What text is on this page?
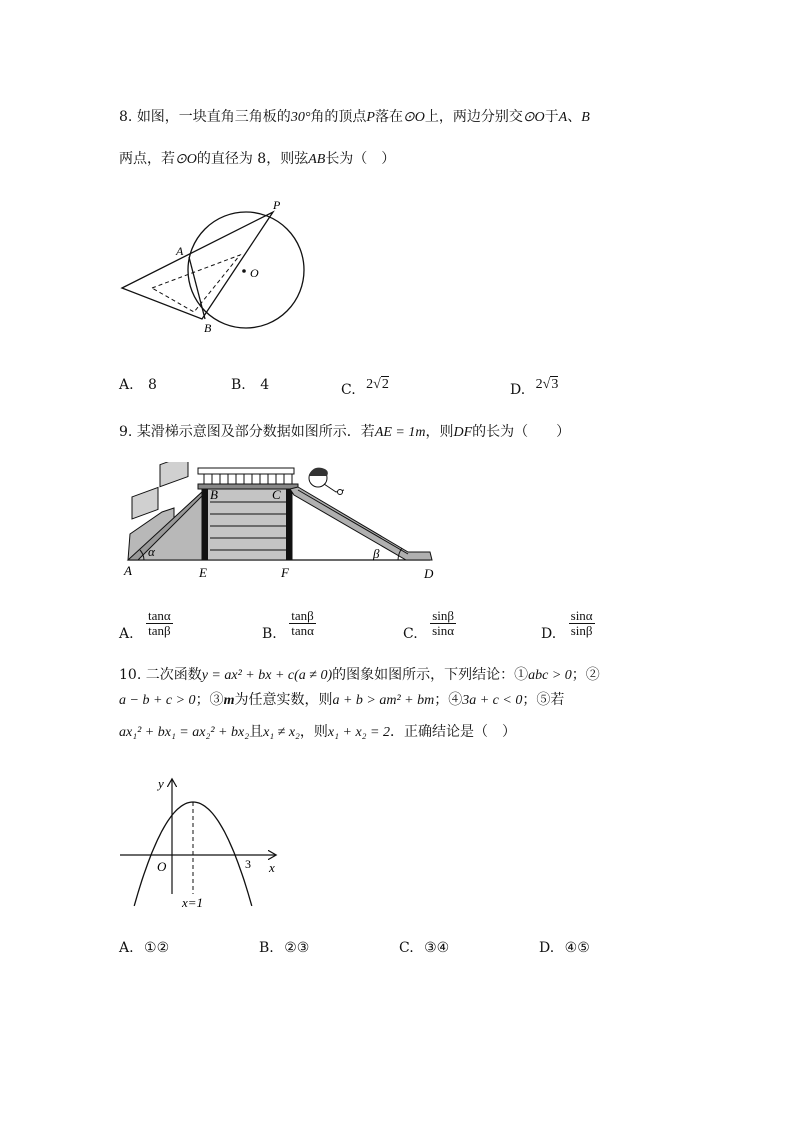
8. 如图，一块直角三角板的30°角的顶点P落在⊙O上，两边分别交⊙O于A、B
两点，若⊙O的直径为 8，则弦AB长为（　）
P
A
B
O
A. 8	B. 4	C. 2√2	D. 2√3
9. 某滑梯示意图及部分数据如图所示．若AE = 1m，则DF的长为（　　）
A	E	F	D
B	C
α	β
A. $\frac{\tan\alpha}{\tan\beta}$	B. $\frac{\tan\beta}{\tan\alpha}$	C. $\frac{\sin\beta}{\sin\alpha}$	D. $\frac{\sin\alpha}{\sin\beta}$
10. 二次函数y = ax² + bx + c(a ≠ 0)的图象如图所示，下列结论：①abc > 0；②
a − b + c > 0；③m为任意实数，则a + b > am² + bm；④3a + c < 0；⑤若
ax₁² + bx₁ = ax₂² + bx₂且x₁ ≠ x₂，则x₁ + x₂ = 2．正确结论是（　）
y
x
O	3
x=1
A. ①②	B. ②③	C. ③④	D. ④⑤
